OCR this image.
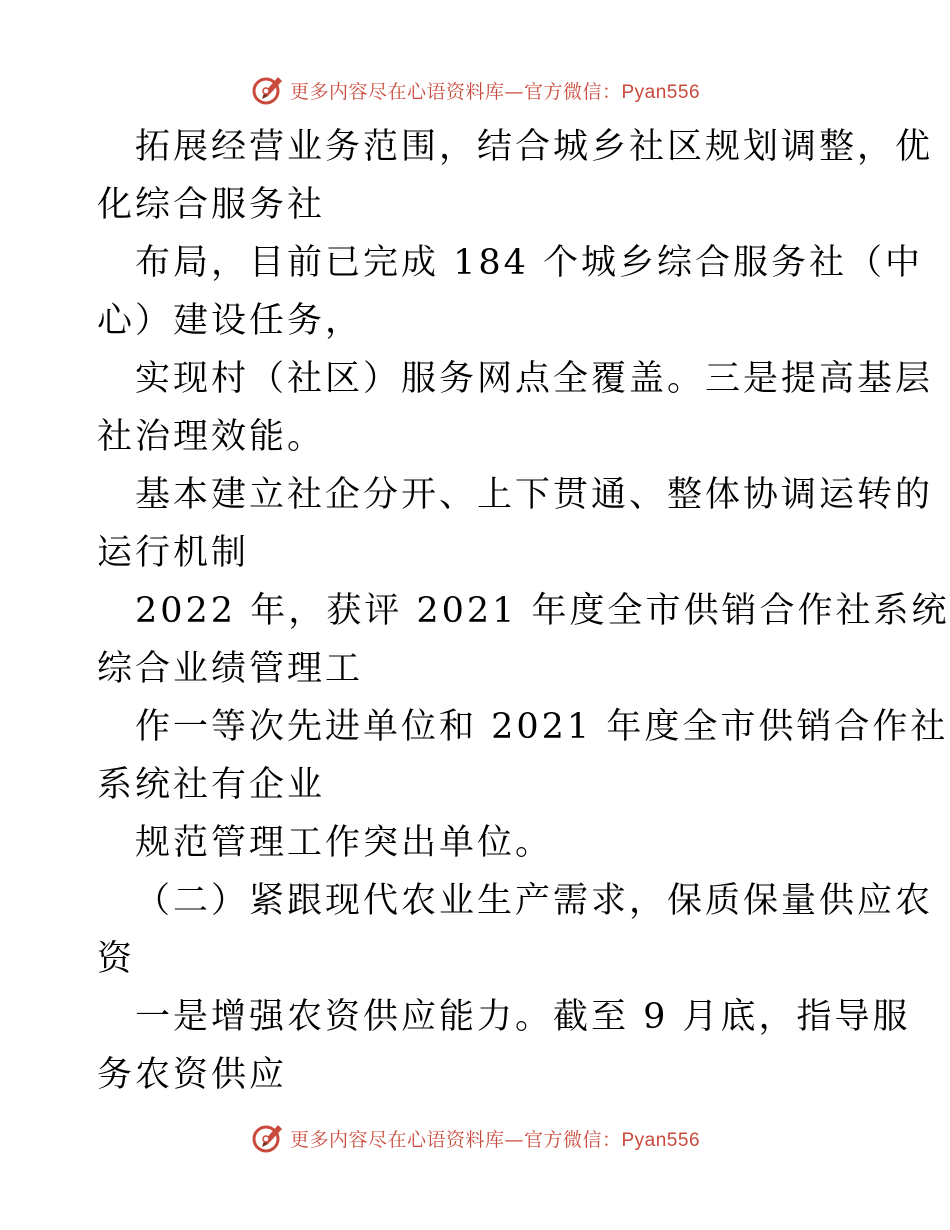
更多内容尽在心语资料库—官方微信：Pyan556

拓展经营业务范围，结合城乡社区规划调整，优
化综合服务社

布局，目前已完成 184 个城乡综合服务社（中
心）建设任务，

实现村（社区）服务网点全覆盖。三是提高基层
社治理效能。

基本建立社企分开、上下贯通、整体协调运转的
运行机制

2022 年，获评 2021 年度全市供销合作社系统
综合业绩管理工

作一等次先进单位和 2021 年度全市供销合作社
系统社有企业

规范管理工作突出单位。

（二）紧跟现代农业生产需求，保质保量供应农
资

一是增强农资供应能力。截至 9 月底，指导服
务农资供应

更多内容尽在心语资料库—官方微信：Pyan556
